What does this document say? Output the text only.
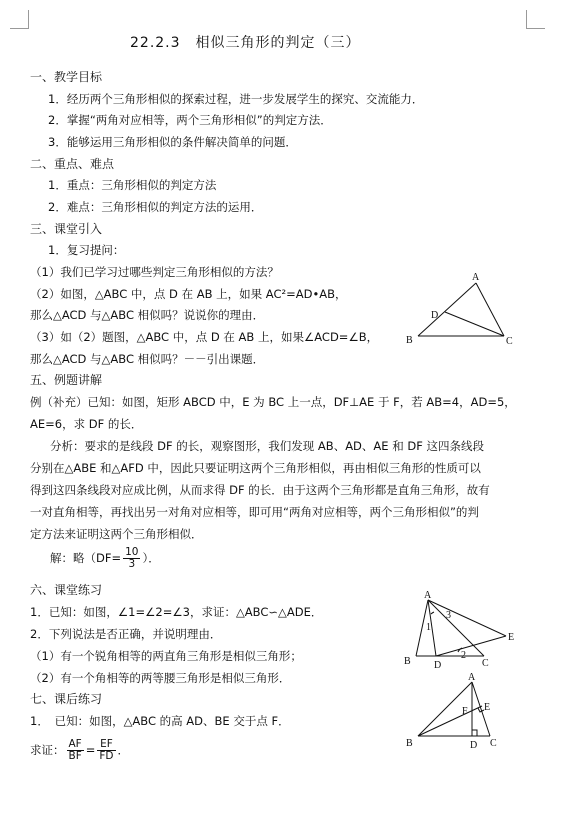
22.2.3　相似三角形的判定（三）
一、教学目标
1．经历两个三角形相似的探索过程，进一步发展学生的探究、交流能力．
2．掌握“两角对应相等，两个三角形相似”的判定方法．
3．能够运用三角形相似的条件解决简单的问题．
二、重点、难点
1．重点：三角形相似的判定方法
2．难点：三角形相似的判定方法的运用．
三、课堂引入
1．复习提问：
（1）我们已学习过哪些判定三角形相似的方法？
（2）如图，△ABC 中，点 D 在 AB 上，如果 AC²=AD•AB，
那么△ACD 与△ABC 相似吗？说说你的理由．
（3）如（2）题图，△ABC 中，点 D 在 AB 上，如果∠ACD=∠B，
那么△ACD 与△ABC 相似吗？－－引出课题．
A
B	C
D
五、例题讲解
例（补充）已知：如图，矩形 ABCD 中，E 为 BC 上一点，DF⊥AE 于 F，若 AB=4，AD=5，
AE=6，求 DF 的长．
分析：要求的是线段 DF 的长，观察图形，我们发现 AB、AD、AE 和 DF 这四条线段
分别在△ABE 和△AFD 中，因此只要证明这两个三角形相似，再由相似三角形的性质可以
得到这四条线段对应成比例，从而求得 DF 的长．由于这两个三角形都是直角三角形，故有
一对直角相等，再找出另一对角对应相等，即可用“两角对应相等，两个三角形相似”的判
定方法来证明这两个三角形相似．
解：略（$DF= \frac{10}{3}$ ）．
六、课堂练习
1．已知：如图，∠1=∠2=∠3，求证：△ABC∽△ADE．
2．下列说法是否正确，并说明理由．
（1）有一个锐角相等的两直角三角形是相似三角形；
（2）有一个角相等的两等腰三角形是相似三角形．
A
B	C
D
E
1
2
3
七、课后练习
1．　已知：如图，△ABC 的高 AD、BE 交于点 F．
求证： $\frac{AF}{BF} = \frac{EF}{FD}$ ．
A
B	C
D
E
F
